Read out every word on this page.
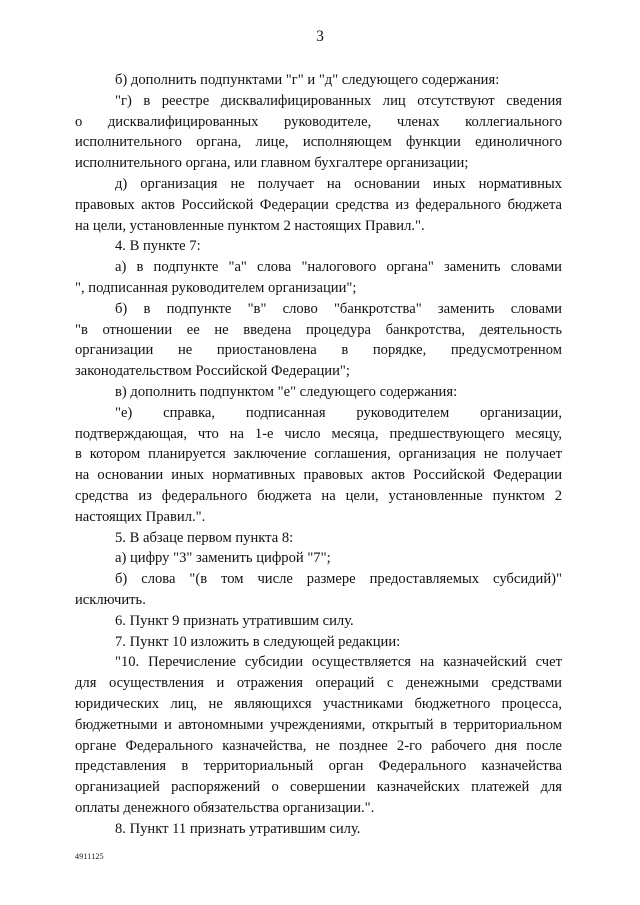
3
б) дополнить подпунктами "г" и "д" следующего содержания:
"г) в реестре дисквалифицированных лиц отсутствуют сведения
о дисквалифицированных руководителе, членах коллегиального
исполнительного органа, лице, исполняющем функции единоличного
исполнительного органа, или главном бухгалтере организации;
д) организация не получает на основании иных нормативных
правовых актов Российской Федерации средства из федерального бюджета
на цели, установленные пунктом 2 настоящих Правил.".
4. В пункте 7:
а) в подпункте "а" слова "налогового органа" заменить словами
", подписанная руководителем организации";
б) в подпункте "в" слово "банкротства" заменить словами
"в отношении ее не введена процедура банкротства, деятельность
организации не приостановлена в порядке, предусмотренном
законодательством Российской Федерации";
в) дополнить подпунктом "е" следующего содержания:
"е) справка, подписанная руководителем организации,
подтверждающая, что на 1-е число месяца, предшествующего месяцу,
в котором планируется заключение соглашения, организация не получает
на основании иных нормативных правовых актов Российской Федерации
средства из федерального бюджета на цели, установленные пунктом 2
настоящих Правил.".
5. В абзаце первом пункта 8:
а) цифру "3" заменить цифрой "7";
б) слова "(в том числе размере предоставляемых субсидий)"
исключить.
6. Пункт 9 признать утратившим силу.
7. Пункт 10 изложить в следующей редакции:
"10. Перечисление субсидии осуществляется на казначейский счет
для осуществления и отражения операций с денежными средствами
юридических лиц, не являющихся участниками бюджетного процесса,
бюджетными и автономными учреждениями, открытый в территориальном
органе Федерального казначейства, не позднее 2-го рабочего дня после
представления в территориальный орган Федерального казначейства
организацией распоряжений о совершении казначейских платежей для
оплаты денежного обязательства организации.".
8. Пункт 11 признать утратившим силу.
4911125
